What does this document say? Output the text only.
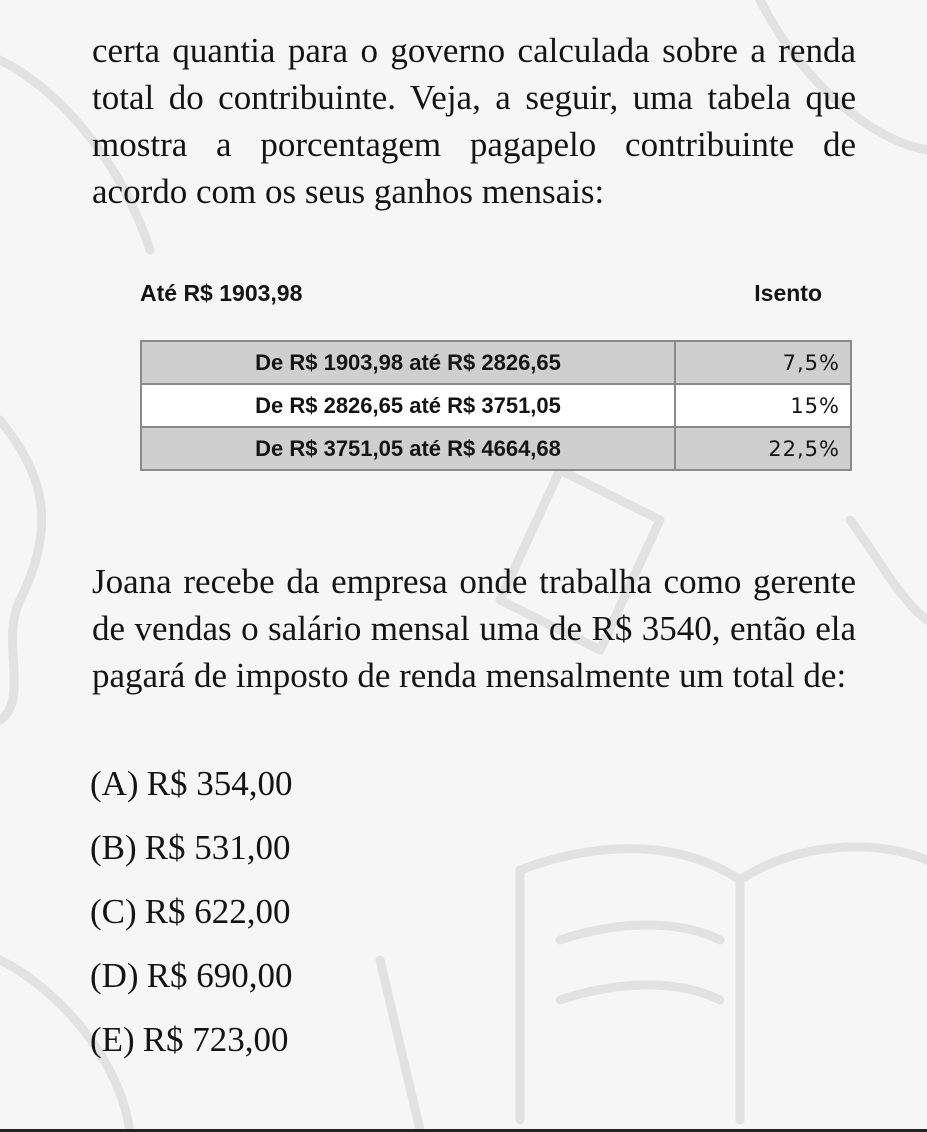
certa quantia para o governo calculada sobre a renda total do contribuinte. Veja, a seguir, uma tabela que mostra a porcentagem pagapelo contribuinte de acordo com os seus ganhos mensais:

Até R$ 1903,98	Isento
De R$ 1903,98 até R$ 2826,65	7,5%
De R$ 2826,65 até R$ 3751,05	15%
De R$ 3751,05 até R$ 4664,68	22,5%

Joana recebe da empresa onde trabalha como gerente de vendas o salário mensal uma de R$ 3540, então ela pagará de imposto de renda mensalmente um total de:

(A) R$ 354,00
(B) R$ 531,00
(C) R$ 622,00
(D) R$ 690,00
(E) R$ 723,00
